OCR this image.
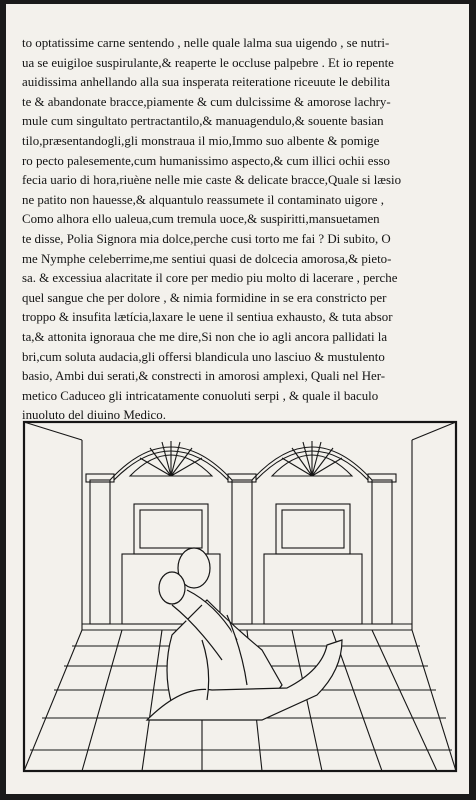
to optatissime carne sentendo , nelle quale lalma sua uigendo , se nutri-
ua se euigiloe suspirulante,& reaperte le occluse palpebre . Et io repente
auidissima anhellando alla sua insperata reiteratione riceuute le debilita
te & abandonate bracce,piamente & cum dulcissime & amorose lachry-
mule cum singultato pertractantilo,& manuagendulo,& souente basian
tilo,præsentandogli,gli monstraua il mio,Immo suo albente & pomige
ro pecto palesemente,cum humanissimo aspecto,& cum illici ochii esso
fecia uario di hora,riuène nelle mie caste & delicate bracce,Quale si læsio
ne patito non hauesse,& alquantulo reassumete il contaminato uigore ,
Como alhora ello ualeua,cum tremula uoce,& suspiritti,mansuetamen
te disse, Polia Signora mia dolce,perche cusi torto me fai ? Di subito, O
me Nymphe celeberrime,me sentiui quasi de dolcecia amorosa,& pieto-
sa. & excessiua alacritate il core per medio piu molto di lacerare , perche
quel sangue che per dolore , & nimia formidine in se era constricto per
troppo & insufita lætícia,laxare le uene il sentiua exhausto, & tuta absor
ta,& attonita ignoraua che me dire,Si non che io agli ancora pallidati la
bri,cum soluta audacia,gli offersi blandicula uno lasciuo & mustulento
basio, Ambi dui serati,& constrecti in amorosi amplexi, Quali nel Her-
metico Caduceo gli intricatamente conuoluti serpi , & quale il baculo
inuoluto del diuino Medico.
